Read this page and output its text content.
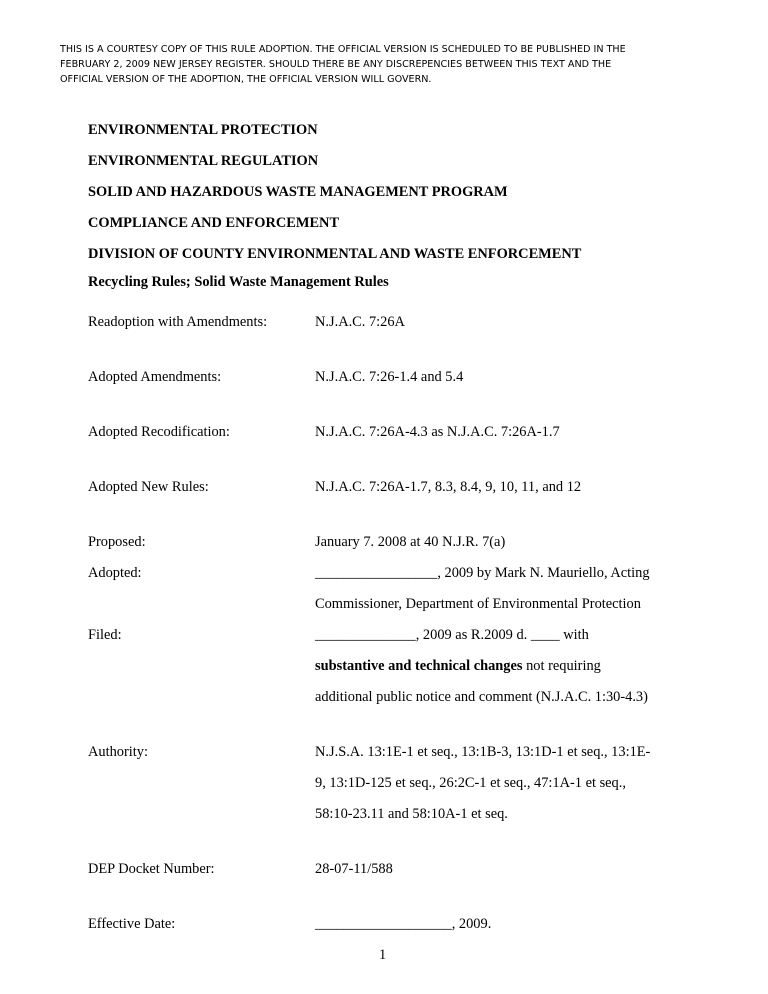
THIS IS A COURTESY COPY OF THIS RULE ADOPTION. THE OFFICIAL VERSION IS SCHEDULED TO BE PUBLISHED IN THE
FEBRUARY 2, 2009 NEW JERSEY REGISTER. SHOULD THERE BE ANY DISCREPENCIES BETWEEN THIS TEXT AND THE
OFFICIAL VERSION OF THE ADOPTION, THE OFFICIAL VERSION WILL GOVERN.
ENVIRONMENTAL PROTECTION
ENVIRONMENTAL REGULATION
SOLID AND HAZARDOUS WASTE MANAGEMENT PROGRAM
COMPLIANCE AND ENFORCEMENT
DIVISION OF COUNTY ENVIRONMENTAL AND WASTE ENFORCEMENT
Recycling Rules; Solid Waste Management Rules
Readoption with Amendments:	N.J.A.C. 7:26A
Adopted Amendments:	N.J.A.C. 7:26-1.4 and 5.4
Adopted Recodification:	N.J.A.C. 7:26A-4.3 as N.J.A.C. 7:26A-1.7
Adopted New Rules:	N.J.A.C. 7:26A-1.7, 8.3, 8.4, 9, 10, 11, and 12
Proposed:	January 7. 2008 at 40 N.J.R. 7(a)
Adopted:	_________________, 2009 by Mark N. Mauriello, Acting
Commissioner, Department of Environmental Protection
Filed:	______________, 2009 as R.2009 d. ____ with
substantive and technical changes not requiring
additional public notice and comment (N.J.A.C. 1:30-4.3)
Authority:	N.J.S.A. 13:1E-1 et seq., 13:1B-3, 13:1D-1 et seq., 13:1E-
9, 13:1D-125 et seq., 26:2C-1 et seq., 47:1A-1 et seq.,
58:10-23.11 and 58:10A-1 et seq.
DEP Docket Number:	28-07-11/588
Effective Date:	___________________, 2009.
1
